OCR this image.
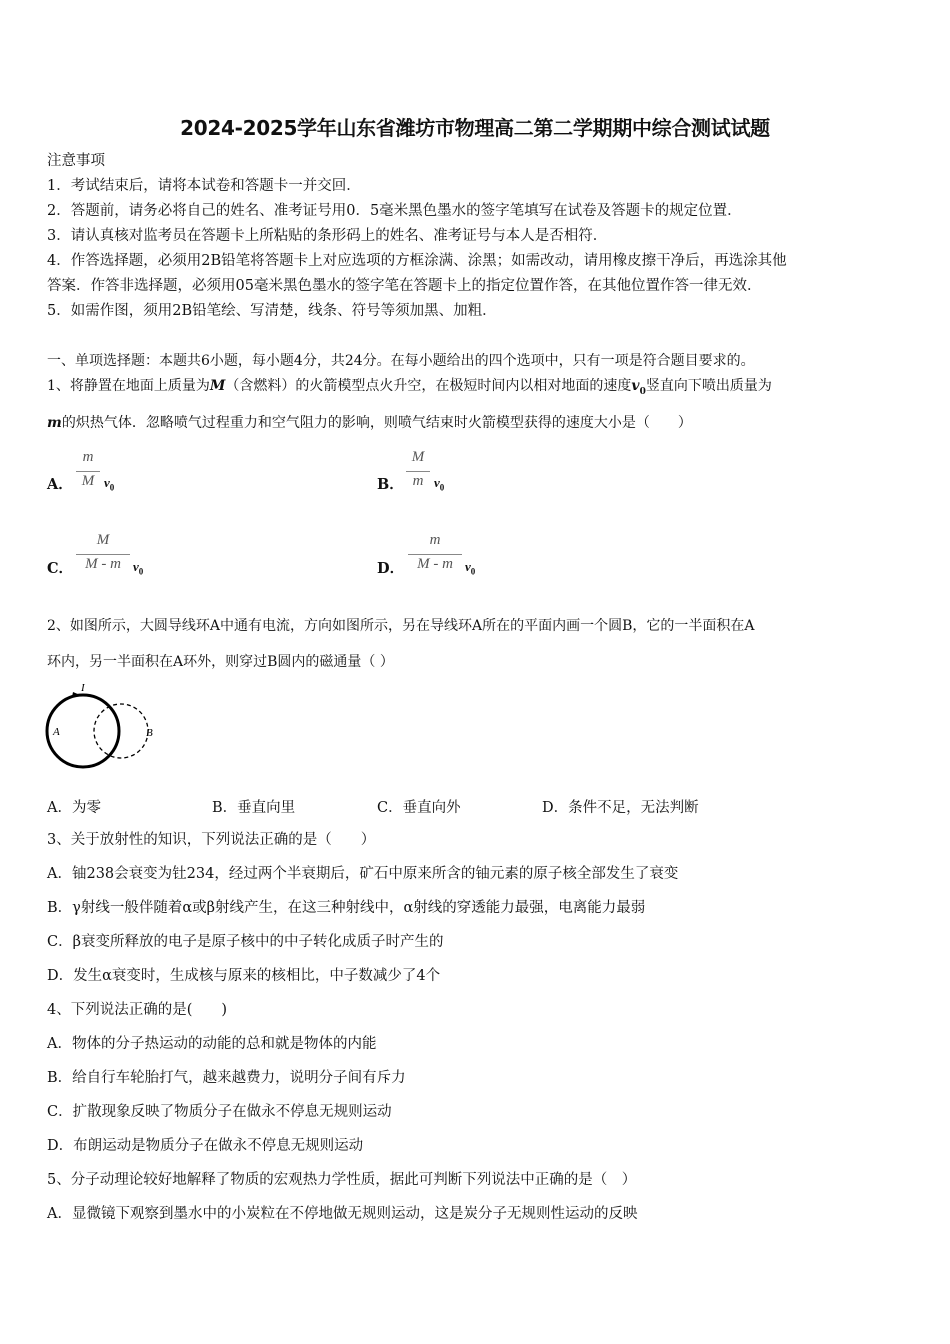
2024-2025学年山东省潍坊市物理高二第二学期期中综合测试试题
注意事项
1．考试结束后，请将本试卷和答题卡一并交回．
2．答题前，请务必将自己的姓名、准考证号用0．5毫米黑色墨水的签字笔填写在试卷及答题卡的规定位置．
3．请认真核对监考员在答题卡上所粘贴的条形码上的姓名、准考证号与本人是否相符．
4．作答选择题，必须用2B铅笔将答题卡上对应选项的方框涂满、涂黑；如需改动，请用橡皮擦干净后，再选涂其他
答案．作答非选择题，必须用05毫米黑色墨水的签字笔在答题卡上的指定位置作答，在其他位置作答一律无效．
5．如需作图，须用2B铅笔绘、写清楚，线条、符号等须加黑、加粗．
一、单项选择题：本题共6小题，每小题4分，共24分。在每小题给出的四个选项中，只有一项是符合题目要求的。
1、将静置在地面上质量为M（含燃料）的火箭模型点火升空，在极短时间内以相对地面的速度$v_0$竖直向下喷出质量为
m的炽热气体．忽略喷气过程重力和空气阻力的影响，则喷气结束时火箭模型获得的速度大小是（　　）
A．
m
M $v_0$	B．
M
m $v_0$
C．
M
M - m $v_0$	D．
m
M - m $v_0$
2、如图所示，大圆导线环A中通有电流，方向如图所示，另在导线环A所在的平面内画一个圆B，它的一半面积在A
环内，另一半面积在A环外，则穿过B圆内的磁通量（ ）
I
A	B
A．为零	B．垂直向里	C．垂直向外	D．条件不足，无法判断
3、关于放射性的知识，下列说法正确的是（　　）
A．铀238会衰变为钍234，经过两个半衰期后，矿石中原来所含的铀元素的原子核全部发生了衰变
B．γ射线一般伴随着α或β射线产生，在这三种射线中，α射线的穿透能力最强，电离能力最弱
C．β衰变所释放的电子是原子核中的中子转化成质子时产生的
D．发生α衰变时，生成核与原来的核相比，中子数减少了4个
4、下列说法正确的是(　　)
A．物体的分子热运动的动能的总和就是物体的内能
B．给自行车轮胎打气，越来越费力，说明分子间有斥力
C．扩散现象反映了物质分子在做永不停息无规则运动
D．布朗运动是物质分子在做永不停息无规则运动
5、分子动理论较好地解释了物质的宏观热力学性质，据此可判断下列说法中正确的是（　）
A．显微镜下观察到墨水中的小炭粒在不停地做无规则运动，这是炭分子无规则性运动的反映
